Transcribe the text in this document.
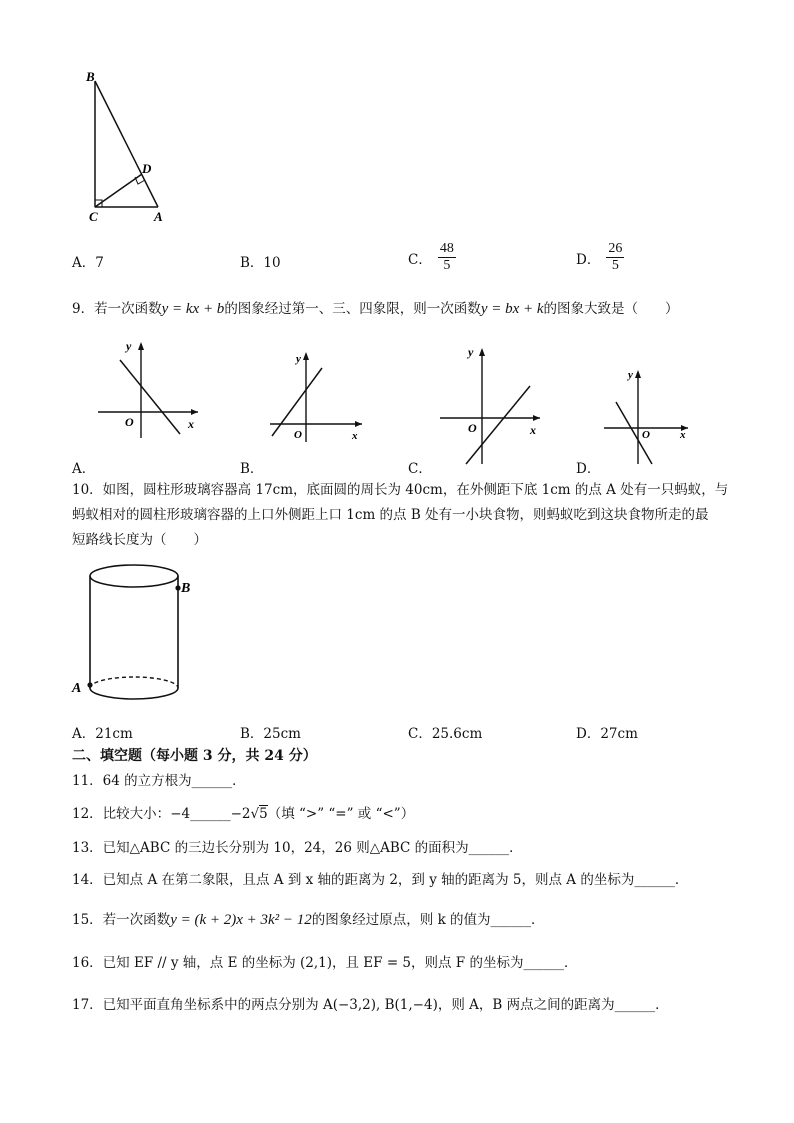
B
D
C	A
A．7	B．10	C． $\frac{48}{5}$	D． $\frac{26}{5}$
9．若一次函数y = kx + b的图象经过第一、三、四象限，则一次函数y = bx + k的图象大致是（　　）
y
x
O
y
x
O
y
x
O
y
x
O
A．	B．	C．	D．
10．如图，圆柱形玻璃容器高 17cm，底面圆的周长为 40cm，在外侧距下底 1cm 的点 A 处有一只蚂蚁，与
蚂蚁相对的圆柱形玻璃容器的上口外侧距上口 1cm 的点 B 处有一小块食物，则蚂蚁吃到这块食物所走的最
短路线长度为（　　）
B
A
A．21cm	B．25cm	C．25.6cm	D．27cm
二、填空题（每小题 3 分，共 24 分）
11．64 的立方根为______．
12．比较大小：−4______−2√5（填 “>” “=” 或 “<”）
13．已知△ABC 的三边长分别为 10，24，26 则△ABC 的面积为______．
14．已知点 A 在第二象限，且点 A 到 x 轴的距离为 2，到 y 轴的距离为 5，则点 A 的坐标为______．
15．若一次函数y = (k + 2)x + 3k² − 12的图象经过原点，则 k 的值为______．
16．已知 EF // y 轴，点 E 的坐标为 (2,1)，且 EF = 5，则点 F 的坐标为______．
17．已知平面直角坐标系中的两点分别为 A(−3,2), B(1,−4)，则 A，B 两点之间的距离为______．
